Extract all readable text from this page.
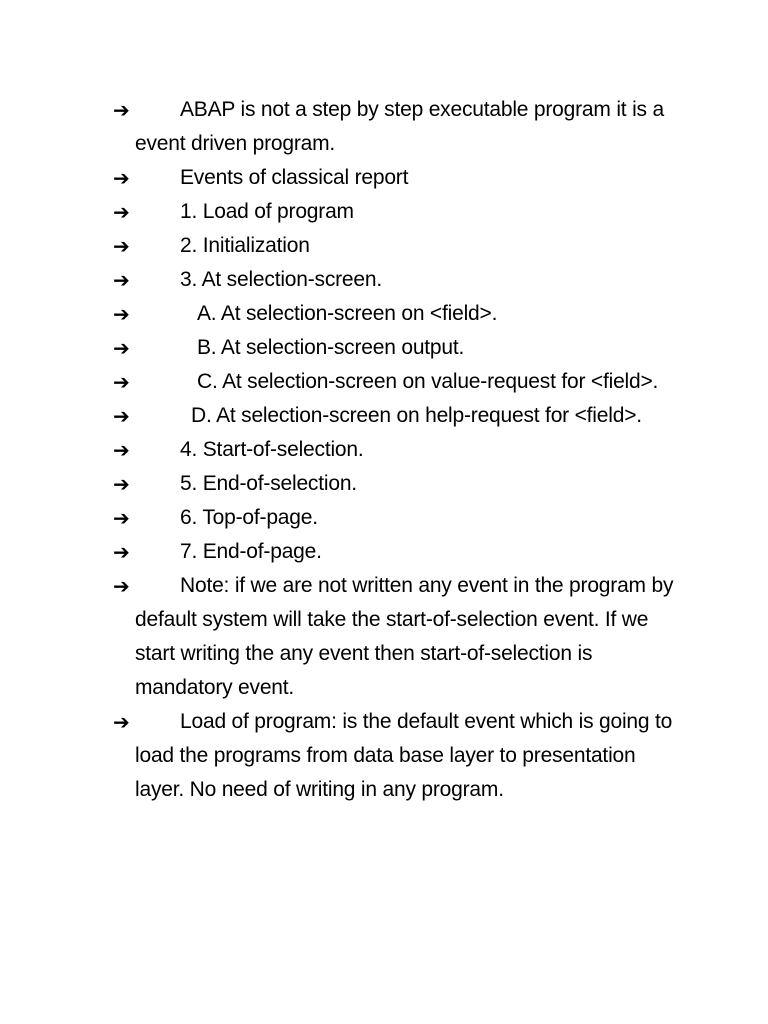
➔	ABAP is not a step by step executable program it is a event driven program.
➔	Events of classical report
➔	1. Load of program
➔	2. Initialization
➔	3. At selection-screen.
➔	A. At selection-screen on <field>.
➔	B. At selection-screen output.
➔	C. At selection-screen on value-request for <field>.
➔	D. At selection-screen on help-request for <field>.
➔	4. Start-of-selection.
➔	5. End-of-selection.
➔	6. Top-of-page.
➔	7. End-of-page.
➔	Note: if we are not written any event in the program by default system will take the start-of-selection event. If we start writing the any event then start-of-selection is mandatory event.
➔	Load of program: is the default event which is going to load the programs from data base layer to presentation layer. No need of writing in any program.
